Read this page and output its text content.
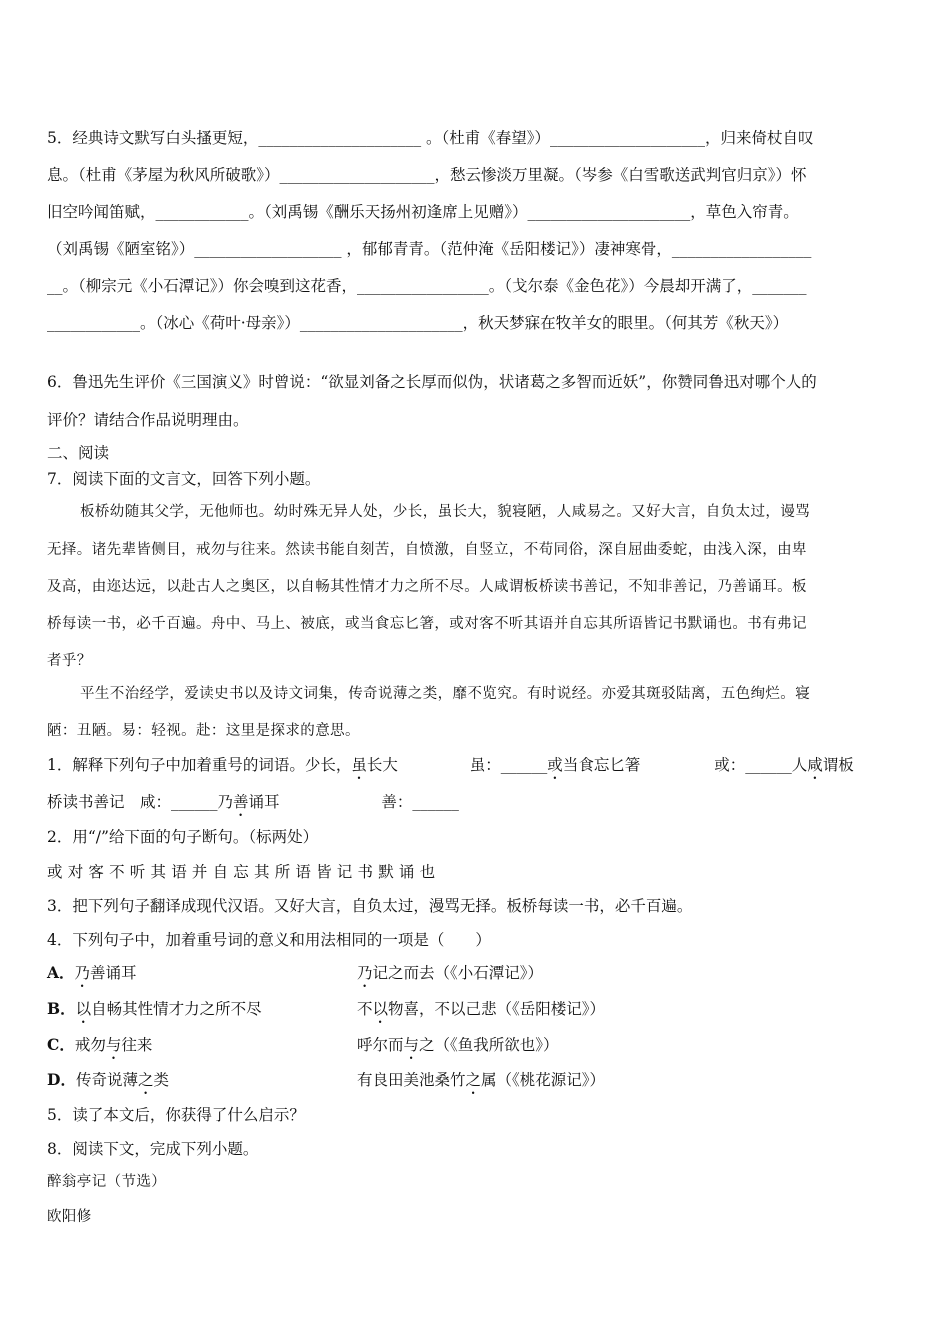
5．经典诗文默写白头搔更短，_____________________ 。（杜甫《春望》）____________________，归来倚杖自叹
息。（杜甫《茅屋为秋风所破歌》）____________________，愁云惨淡万里凝。（岑参《白雪歌送武判官归京》）怀
旧空吟闻笛赋，____________。（刘禹锡《酬乐天扬州初逢席上见赠》）_____________________，草色入帘青。
（刘禹锡《陋室铭》）___________________ ，郁郁青青。（范仲淹《岳阳楼记》）凄神寒骨，__________________
__。（柳宗元《小石潭记》）你会嗅到这花香，_________________。（戈尔泰《金色花》）今晨却开满了，_______
____________。（冰心《荷叶·母亲》）_____________________，秋天梦寐在牧羊女的眼里。（何其芳《秋天》）
6．鲁迅先生评价《三国演义》时曾说：“欲显刘备之长厚而似伪，状诸葛之多智而近妖”，你赞同鲁迅对哪个人的
评价？请结合作品说明理由。
二、阅读
7．阅读下面的文言文，回答下列小题。
板桥幼随其父学，无他师也。幼时殊无异人处，少长，虽长大，貌寝陋，人咸易之。又好大言，自负太过，谩骂
无择。诸先辈皆侧目，戒勿与往来。然读书能自刻苦，自愤激，自竖立，不苟同俗，深自屈曲委蛇，由浅入深，由卑
及高，由迩达远，以赴古人之奥区，以自畅其性情才力之所不尽。人咸谓板桥读书善记，不知非善记，乃善诵耳。板
桥每读一书，必千百遍。舟中、马上、被底，或当食忘匕箸，或对客不听其语并自忘其所语皆记书默诵也。书有弗记
者乎？
平生不治经学，爱读史书以及诗文词集，传奇说薄之类，靡不览究。有时说经。亦爱其斑驳陆离，五色绚烂。寝
陋：丑陋。易：轻视。赴：这里是探求的意思。
1．解释下列句子中加着重号的词语。少长，虽长大	虽：______或当食忘匕箸	或：______人咸谓板
桥读书善记　咸：______乃善诵耳	善：______
2．用“/”给下面的句子断句。（标两处）
或对客不听其语并自忘其所语皆记书默诵也
3．把下列句子翻译成现代汉语。又好大言，自负太过，漫骂无择。板桥每读一书，必千百遍。
4．下列句子中，加着重号词的意义和用法相同的一项是（　　）
A．乃善诵耳	乃记之而去（《小石潭记》）
B．以自畅其性情才力之所不尽	不以物喜，不以己悲（《岳阳楼记》）
C．戒勿与往来	呼尔而与之（《鱼我所欲也》）
D．传奇说薄之类	有良田美池桑竹之属（《桃花源记》）
5．读了本文后，你获得了什么启示？
8．阅读下文，完成下列小题。
醉翁亭记（节选）
欧阳修
